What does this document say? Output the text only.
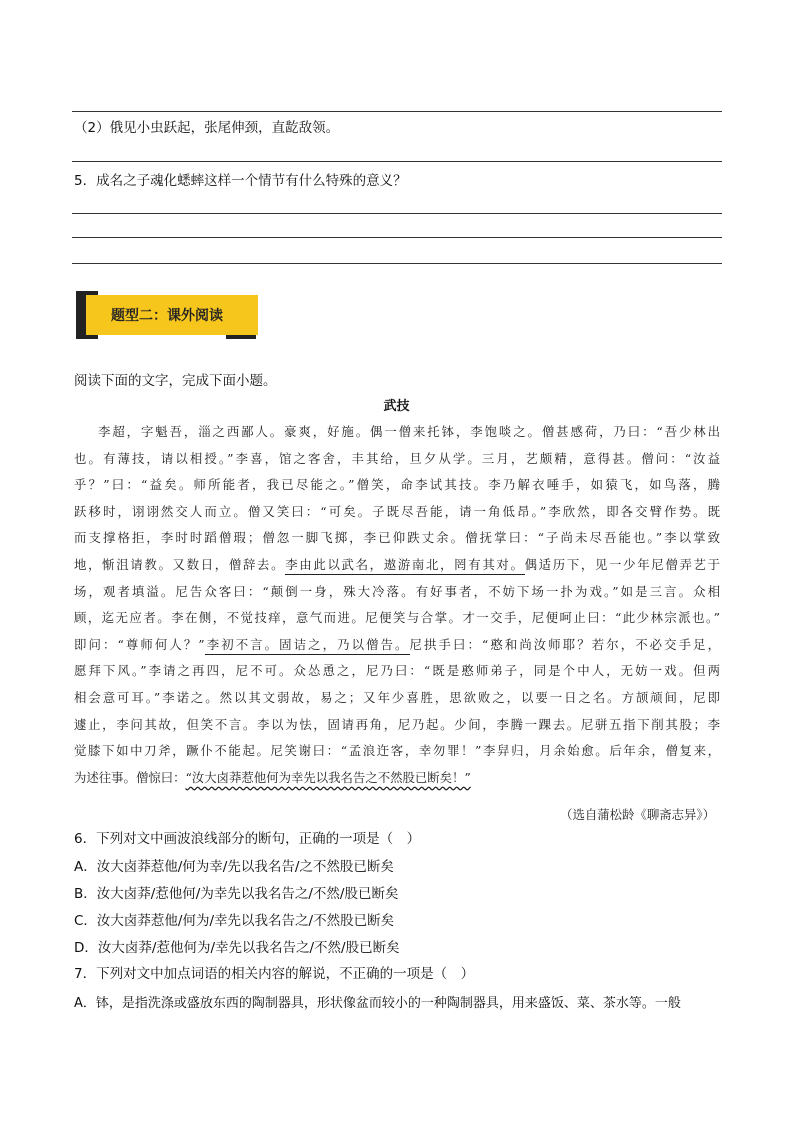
（2）俄见小虫跃起，张尾伸颈，直龁敌领。
5．成名之子魂化蟋蟀这样一个情节有什么特殊的意义？
题型二：课外阅读
阅读下面的文字，完成下面小题。
武技
李超，字魁吾，淄之西鄙人。豪爽，好施。偶一僧来托钵，李饱啖之。僧甚感荷，乃曰：“吾少林出
也。有薄技，请以相授。”李喜，馆之客舍，丰其给，旦夕从学。三月，艺颇精，意得甚。僧问：“汝益
乎？”曰：“益矣。师所能者，我已尽能之。”僧笑，命李试其技。李乃解衣唾手，如猿飞，如鸟落，腾
跃移时，诩诩然交人而立。僧又笑曰：“可矣。子既尽吾能，请一角低昂。”李欣然，即各交臂作势。既
而支撑格拒，李时时蹈僧瑕；僧忽一脚飞掷，李已仰跌丈余。僧抚掌曰：“子尚未尽吾能也。”李以掌致
地，惭沮请教。又数日，僧辞去。李由此以武名，遨游南北，罔有其对。偶适历下，见一少年尼僧弄艺于
场，观者填溢。尼告众客曰：“颠倒一身，殊大冷落。有好事者，不妨下场一扑为戏。”如是三言。众相
顾，迄无应者。李在侧，不觉技痒，意气而进。尼便笑与合掌。才一交手，尼便呵止曰：“此少林宗派也。”
即问：“尊师何人？”李初不言。固诘之，乃以僧告。尼拱手曰：“憨和尚汝师耶？若尔，不必交手足，
愿拜下风。”李请之再四，尼不可。众怂恿之，尼乃曰：“既是憨师弟子，同是个中人，无妨一戏。但两
相会意可耳。”李诺之。然以其文弱故，易之；又年少喜胜，思欲败之，以要一日之名。方颉颃间，尼即
遽止，李问其故，但笑不言。李以为怯，固请再角，尼乃起。少间，李腾一踝去。尼骈五指下削其股；李
觉膝下如中刀斧，蹶仆不能起。尼笑谢曰：“孟浪迕客，幸勿罪！”李舁归，月余始愈。后年余，僧复来，
为述往事。僧惊曰：“汝大卤莽惹他何为幸先以我名告之不然股已断矣！”
（选自蒲松龄《聊斋志异》）
6．下列对文中画波浪线部分的断句，正确的一项是（　）
A．汝大卤莽惹他/何为幸/先以我名告/之不然股已断矣
B．汝大卤莽/惹他何/为幸先以我名告之/不然/股已断矣
C．汝大卤莽惹他/何为/幸先以我名告之/不然股已断矣
D．汝大卤莽/惹他何为/幸先以我名告之/不然/股已断矣
7．下列对文中加点词语的相关内容的解说，不正确的一项是（　）
A．钵，是指洗涤或盛放东西的陶制器具，形状像盆而较小的一种陶制器具，用来盛饭、菜、茶水等。一般
